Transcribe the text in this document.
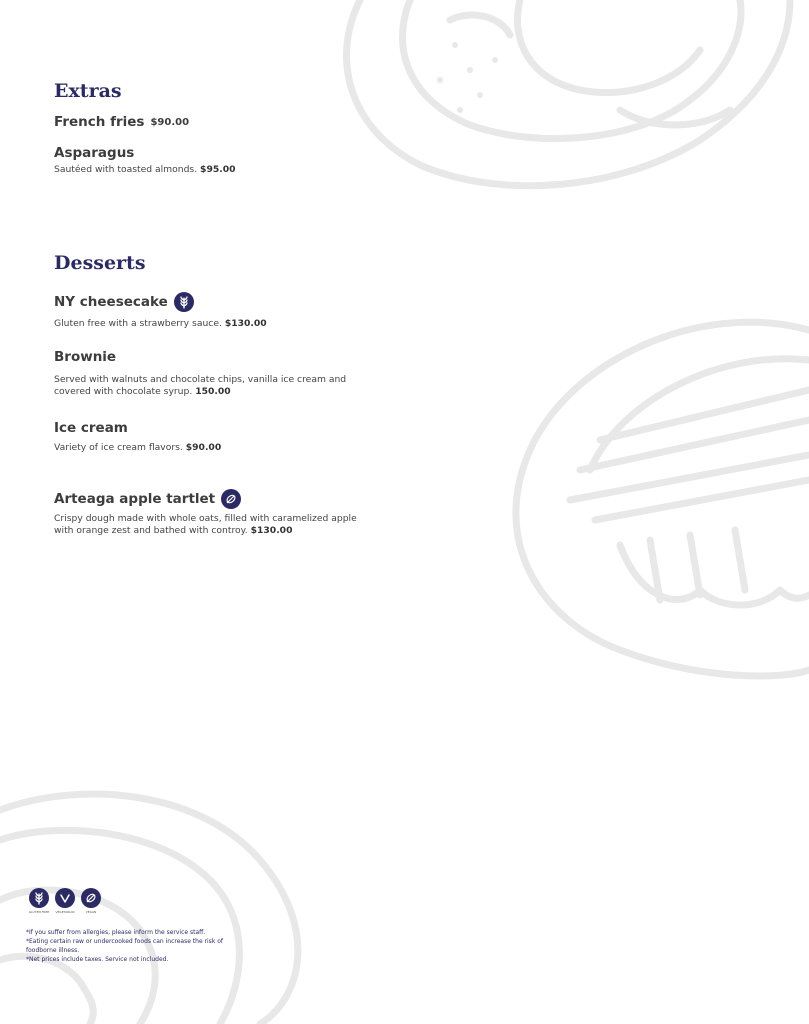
Extras
French fries $90.00
Asparagus
Sautéed with toasted almonds. $95.00
Desserts
NY cheesecake
Gluten free with a strawberry sauce. $130.00
Brownie
Served with walnuts and chocolate chips, vanilla ice cream and covered with chocolate syrup. 150.00
Ice cream
Variety of ice cream flavors. $90.00
Arteaga apple tartlet
Crispy dough made with whole oats, filled with caramelized apple with orange zest and bathed with controy. $130.00
GLUTEN FREE VEGETARIAN	VEGAN
*If you suffer from allergies, please inform the service staff.
*Eating certain raw or undercooked foods can increase the risk of foodborne illness.
*Net prices include taxes. Service not included.
